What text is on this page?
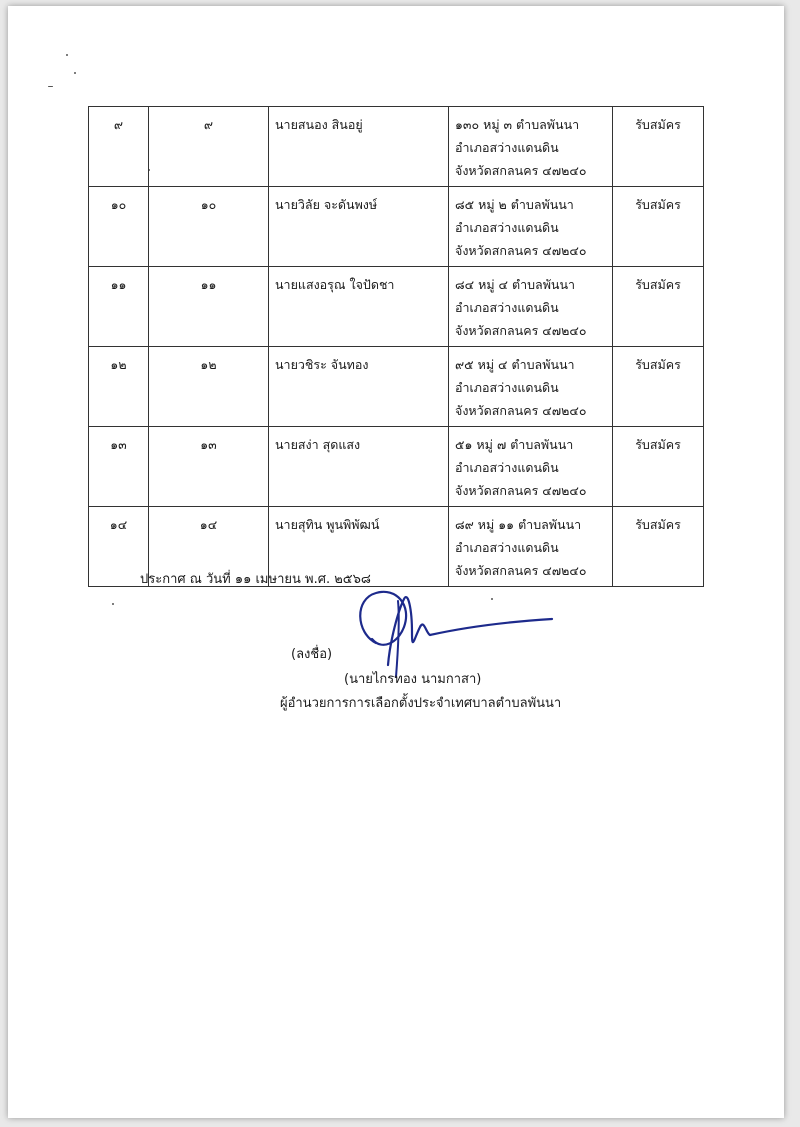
๙	๙	นายสนอง สินอยู่	๑๓๐ หมู่ ๓ ตำบลพันนา
อำเภอสว่างแดนดิน
จังหวัดสกลนคร ๔๗๒๔๐	รับสมัคร
๑๐	๑๐	นายวิลัย จะดันพงษ์	๘๕ หมู่ ๒ ตำบลพันนา
อำเภอสว่างแดนดิน
จังหวัดสกลนคร ๔๗๒๔๐	รับสมัคร
๑๑	๑๑	นายแสงอรุณ ใจปัดชา	๘๔ หมู่ ๔ ตำบลพันนา
อำเภอสว่างแดนดิน
จังหวัดสกลนคร ๔๗๒๔๐	รับสมัคร
๑๒	๑๒	นายวชิระ จันทอง	๙๕ หมู่ ๔ ตำบลพันนา
อำเภอสว่างแดนดิน
จังหวัดสกลนคร ๔๗๒๔๐	รับสมัคร
๑๓	๑๓	นายสง่า สุดแสง	๕๑ หมู่ ๗ ตำบลพันนา
อำเภอสว่างแดนดิน
จังหวัดสกลนคร ๔๗๒๔๐	รับสมัคร
๑๔	๑๔	นายสุทิน พูนพิพัฒน์	๘๙ หมู่ ๑๑ ตำบลพันนา
อำเภอสว่างแดนดิน
จังหวัดสกลนคร ๔๗๒๔๐	รับสมัคร
ประกาศ ณ วันที่ ๑๑ เมษายน พ.ศ. ๒๕๖๘
(ลงชื่อ)
(นายไกรทอง นามกาสา)
ผู้อำนวยการการเลือกตั้งประจำเทศบาลตำบลพันนา
